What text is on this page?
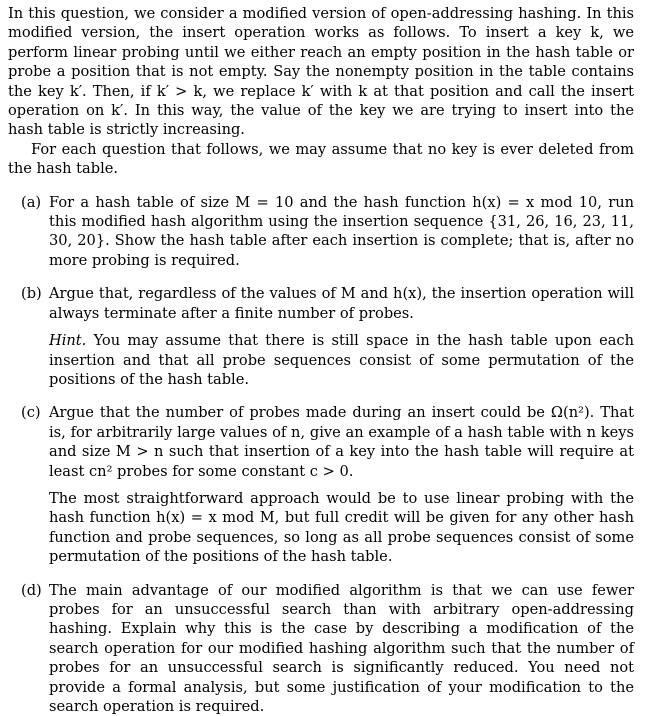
In this question, we consider a modified version of open-addressing hashing. In this modified version, the insert operation works as follows. To insert a key k, we perform linear probing until we either reach an empty position in the hash table or probe a position that is not empty. Say the nonempty position in the table contains the key k′. Then, if k′ > k, we replace k′ with k at that position and call the insert operation on k′. In this way, the value of the key we are trying to insert into the hash table is strictly increasing.

For each question that follows, we may assume that no key is ever deleted from the hash table.

(a) For a hash table of size M = 10 and the hash function h(x) = x mod 10, run this modified hash algorithm using the insertion sequence {31, 26, 16, 23, 11, 30, 20}. Show the hash table after each insertion is complete; that is, after no more probing is required.

(b) Argue that, regardless of the values of M and h(x), the insertion operation will always terminate after a finite number of probes.

Hint. You may assume that there is still space in the hash table upon each insertion and that all probe sequences consist of some permutation of the positions of the hash table.

(c) Argue that the number of probes made during an insert could be Ω(n²). That is, for arbitrarily large values of n, give an example of a hash table with n keys and size M > n such that insertion of a key into the hash table will require at least cn² probes for some constant c > 0.

The most straightforward approach would be to use linear probing with the hash function h(x) = x mod M, but full credit will be given for any other hash function and probe sequences, so long as all probe sequences consist of some permutation of the positions of the hash table.

(d) The main advantage of our modified algorithm is that we can use fewer probes for an unsuccessful search than with arbitrary open-addressing hashing. Explain why this is the case by describing a modification of the search operation for our modified hashing algorithm such that the number of probes for an unsuccessful search is significantly reduced. You need not provide a formal analysis, but some justification of your modification to the search operation is required.
